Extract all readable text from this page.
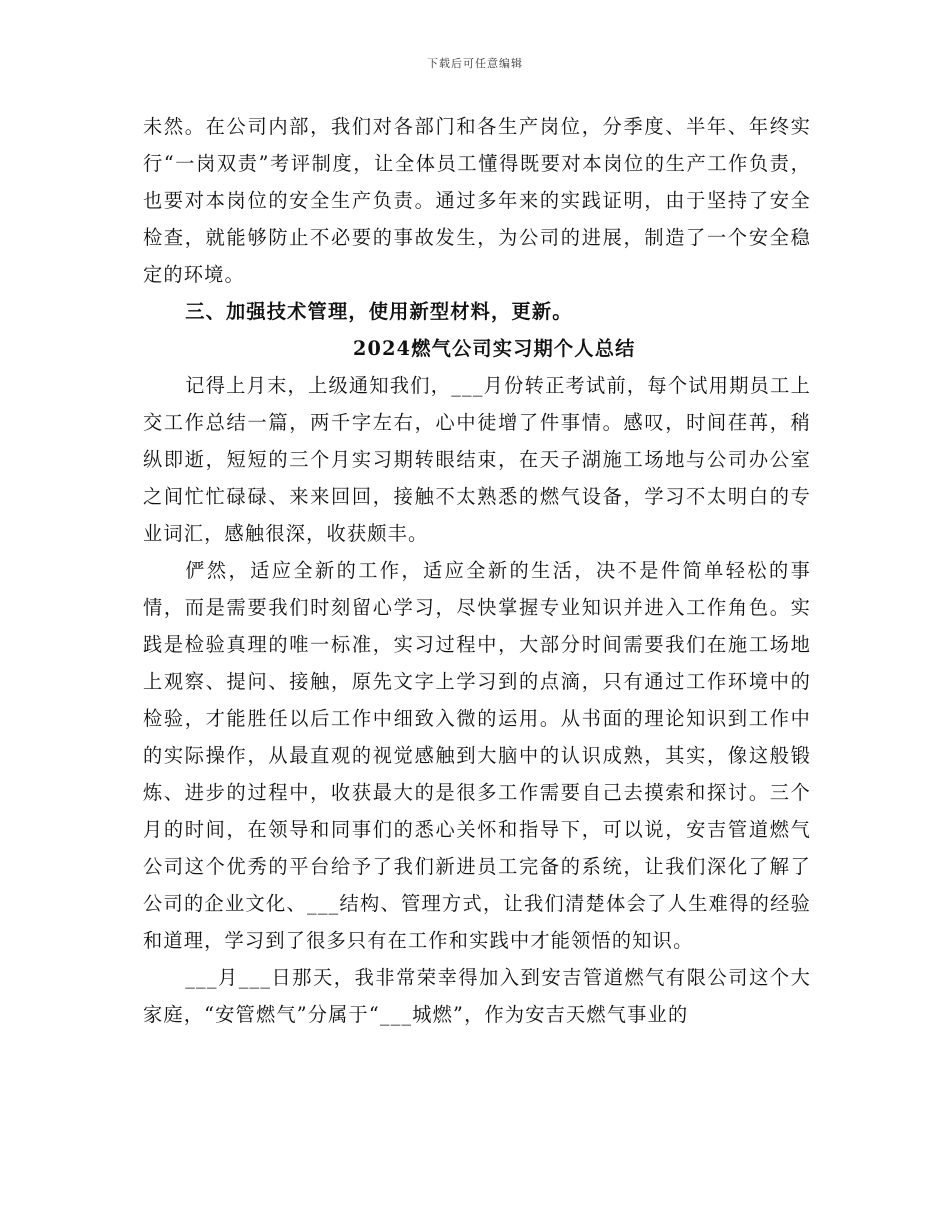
下载后可任意编辑

未然。在公司内部，我们对各部门和各生产岗位，分季度、半年、年终实行“一岗双责”考评制度，让全体员工懂得既要对本岗位的生产工作负责，也要对本岗位的安全生产负责。通过多年来的实践证明，由于坚持了安全检查，就能够防止不必要的事故发生，为公司的进展，制造了一个安全稳定的环境。

三、加强技术管理，使用新型材料，更新。

2024燃气公司实习期个人总结

记得上月末，上级通知我们，___月份转正考试前，每个试用期员工上交工作总结一篇，两千字左右，心中徒增了件事情。感叹，时间荏苒，稍纵即逝，短短的三个月实习期转眼结束，在天子湖施工场地与公司办公室之间忙忙碌碌、来来回回，接触不太熟悉的燃气设备，学习不太明白的专业词汇，感触很深，收获颇丰。

俨然，适应全新的工作，适应全新的生活，决不是件简单轻松的事情，而是需要我们时刻留心学习，尽快掌握专业知识并进入工作角色。实践是检验真理的唯一标准，实习过程中，大部分时间需要我们在施工场地上观察、提问、接触，原先文字上学习到的点滴，只有通过工作环境中的检验，才能胜任以后工作中细致入微的运用。从书面的理论知识到工作中的实际操作，从最直观的视觉感触到大脑中的认识成熟，其实，像这般锻炼、进步的过程中，收获最大的是很多工作需要自己去摸索和探讨。三个月的时间，在领导和同事们的悉心关怀和指导下，可以说，安吉管道燃气公司这个优秀的平台给予了我们新进员工完备的系统，让我们深化了解了公司的企业文化、___结构、管理方式，让我们清楚体会了人生难得的经验和道理，学习到了很多只有在工作和实践中才能领悟的知识。

___月___日那天，我非常荣幸得加入到安吉管道燃气有限公司这个大家庭，“安管燃气”分属于“___城燃”，作为安吉天燃气事业的
